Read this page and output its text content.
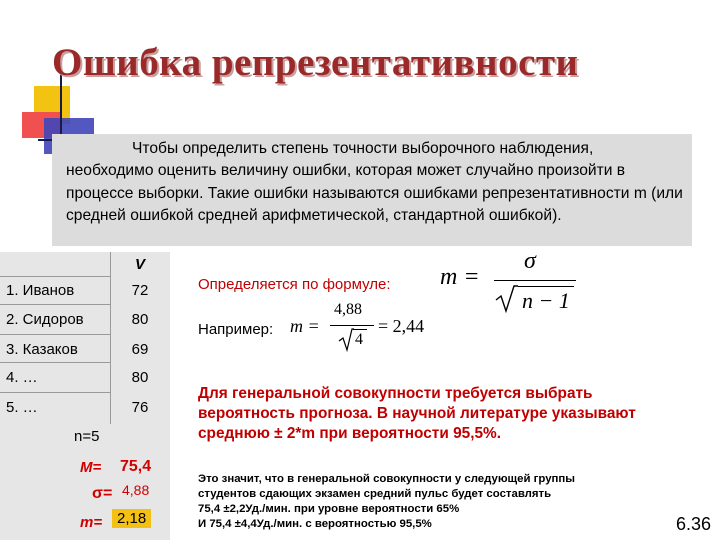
Ошибка репрезентативности
Чтобы определить степень точности выборочного наблюдения, необходимо оценить величину ошибки, которая может случайно произойти в процессе выборки. Такие ошибки называются ошибками репрезентативности m (или средней ошибкой средней арифметической, стандартной ошибкой).
V
1. Иванов	72
2. Сидоров	80
3. Казаков	69
4. …	80
5. …	76
n=5
M= 75,4
σ= 4,88
m= 2,18
Определяется по формуле: m =
σ
n − 1
Например: m =
4,88
4
= 2,44
Для генеральной совокупности требуется выбрать вероятность прогноза. В научной литературе указывают среднюю ± 2*m при вероятности 95,5%.
Это значит, что в генеральной совокупности у следующей группы
студентов сдающих экзамен средний пульс будет составлять
75,4 ±2,2Уд./мин. при уровне вероятности 65%
И 75,4 ±4,4Уд./мин. с вероятностью 95,5%	6.36
